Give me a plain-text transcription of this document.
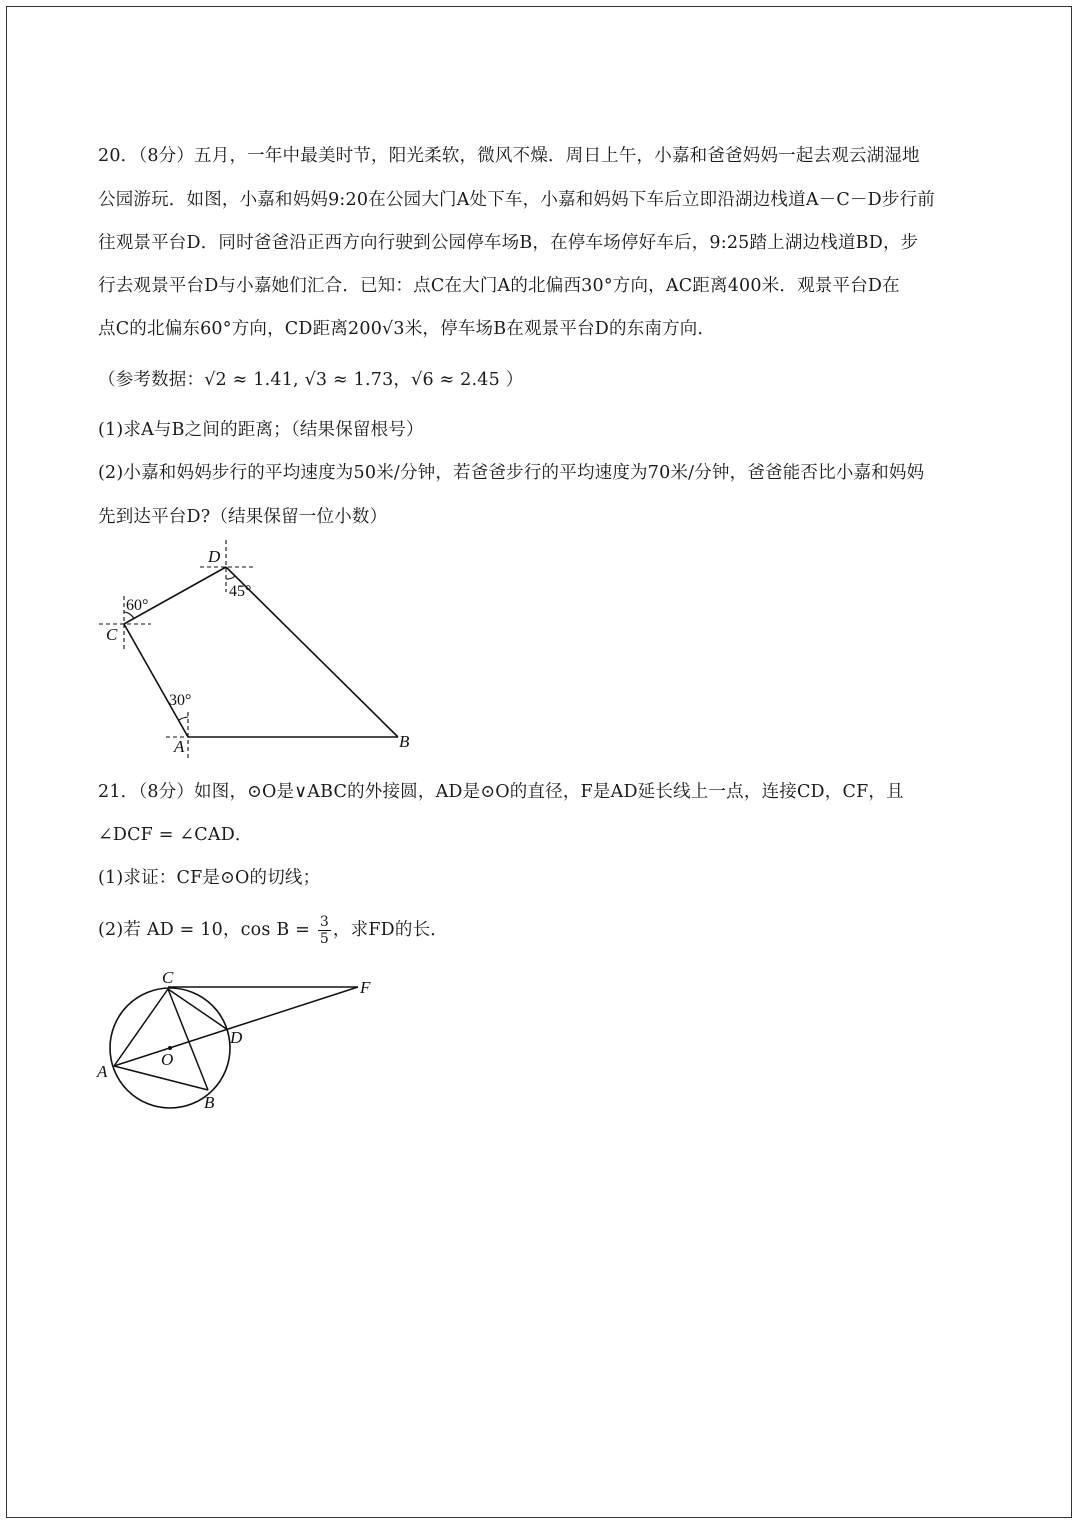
20．（8分）五月，一年中最美时节，阳光柔软，微风不燥．周日上午，小嘉和爸爸妈妈一起去观云湖湿地
公园游玩．如图，小嘉和妈妈9:20在公园大门A处下车，小嘉和妈妈下车后立即沿湖边栈道A－C－D步行前
往观景平台D．同时爸爸沿正西方向行驶到公园停车场B，在停车场停好车后，9:25踏上湖边栈道BD，步
行去观景平台D与小嘉她们汇合．已知：点C在大门A的北偏西30°方向，AC距离400米．观景平台D在
点C的北偏东60°方向，CD距离200√3米，停车场B在观景平台D的东南方向．
（参考数据：√2 ≈ 1.41, √3 ≈ 1.73，√6 ≈ 2.45 ）
(1)求A与B之间的距离；（结果保留根号）
(2)小嘉和妈妈步行的平均速度为50米/分钟，若爸爸步行的平均速度为70米/分钟，爸爸能否比小嘉和妈妈
先到达平台D?（结果保留一位小数）
D
C
A	B
60°
45°
30°
21．（8分）如图，⊙O是∨ABC的外接圆，AD是⊙O的直径，F是AD延长线上一点，连接CD，CF，且
∠DCF = ∠CAD．
(1)求证：CF是⊙O的切线；
(2)若 AD = 10，$\cos B = \frac{3}{5}$ ，求FD的长．
C
F
D
O
A
B
